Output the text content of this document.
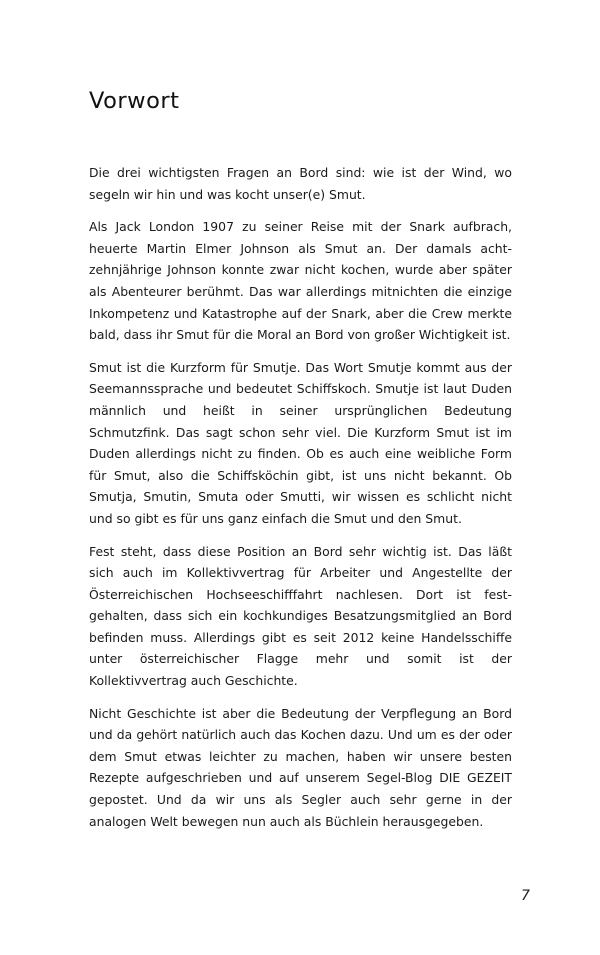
Vorwort

Die drei wichtigsten Fragen an Bord sind: wie ist der Wind, wo segeln wir hin und was kocht unser(e) Smut.

Als Jack London 1907 zu seiner Reise mit der Snark aufbrach, heuerte Martin Elmer Johnson als Smut an. Der damals achtzehnjährige Johnson konnte zwar nicht kochen, wurde aber später als Abenteurer berühmt. Das war allerdings mitnichten die einzige Inkompetenz und Katastrophe auf der Snark, aber die Crew merkte bald, dass ihr Smut für die Moral an Bord von großer Wichtigkeit ist.

Smut ist die Kurzform für Smutje. Das Wort Smutje kommt aus der Seemannssprache und bedeutet Schiffskoch. Smutje ist laut Duden männlich und heißt in seiner ursprünglichen Bedeutung Schmutzfink. Das sagt schon sehr viel. Die Kurzform Smut ist im Duden allerdings nicht zu finden. Ob es auch eine weibliche Form für Smut, also die Schiffsköchin gibt, ist uns nicht bekannt. Ob Smutja, Smutin, Smuta oder Smutti, wir wissen es schlicht nicht und so gibt es für uns ganz einfach die Smut und den Smut.

Fest steht, dass diese Position an Bord sehr wichtig ist. Das läßt sich auch im Kollektivvertrag für Arbeiter und Angestellte der Österreichischen Hochseeschifffahrt nachlesen. Dort ist festgehalten, dass sich ein kochkundiges Besatzungsmitglied an Bord befinden muss. Allerdings gibt es seit 2012 keine Handelsschiffe unter österreichischer Flagge mehr und somit ist der Kollektivvertrag auch Geschichte.

Nicht Geschichte ist aber die Bedeutung der Verpflegung an Bord und da gehört natürlich auch das Kochen dazu. Und um es der oder dem Smut etwas leichter zu machen, haben wir unsere besten Rezepte aufgeschrieben und auf unserem Segel-Blog DIE GEZEIT gepostet. Und da wir uns als Segler auch sehr gerne in der analogen Welt bewegen nun auch als Büchlein herausgegeben.

7
